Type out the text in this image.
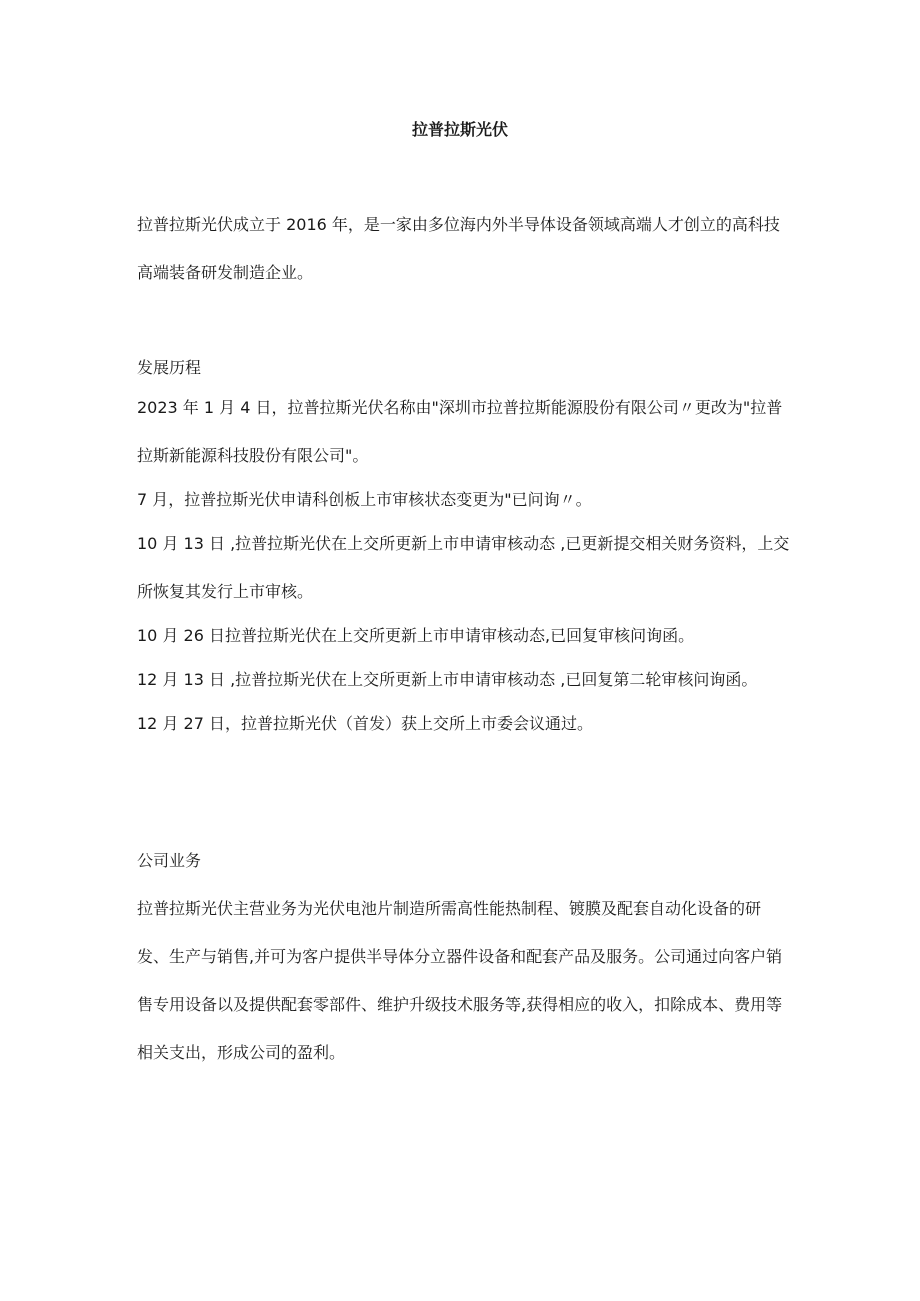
拉普拉斯光伏

拉普拉斯光伏成立于 2016 年，是一家由多位海内外半导体设备领域高端人才创立的高科技高端装备研发制造企业。

发展历程

2023 年 1 月 4 日，拉普拉斯光伏名称由"深圳市拉普拉斯能源股份有限公司〃更改为"拉普拉斯新能源科技股份有限公司"。
7 月，拉普拉斯光伏申请科创板上市审核状态变更为"已问询〃。
10 月 13 日 ,拉普拉斯光伏在上交所更新上市申请审核动态 ,已更新提交相关财务资料，上交所恢复其发行上市审核。
10 月 26 日拉普拉斯光伏在上交所更新上市申请审核动态,已回复审核问询函。
12 月 13 日 ,拉普拉斯光伏在上交所更新上市申请审核动态 ,已回复第二轮审核问询函。
12 月 27 日，拉普拉斯光伏（首发）获上交所上市委会议通过。

公司业务

拉普拉斯光伏主营业务为光伏电池片制造所需高性能热制程、镀膜及配套自动化设备的研发、生产与销售,并可为客户提供半导体分立器件设备和配套产品及服务。公司通过向客户销售专用设备以及提供配套零部件、维护升级技术服务等,获得相应的收入，扣除成本、费用等相关支出，形成公司的盈利。
